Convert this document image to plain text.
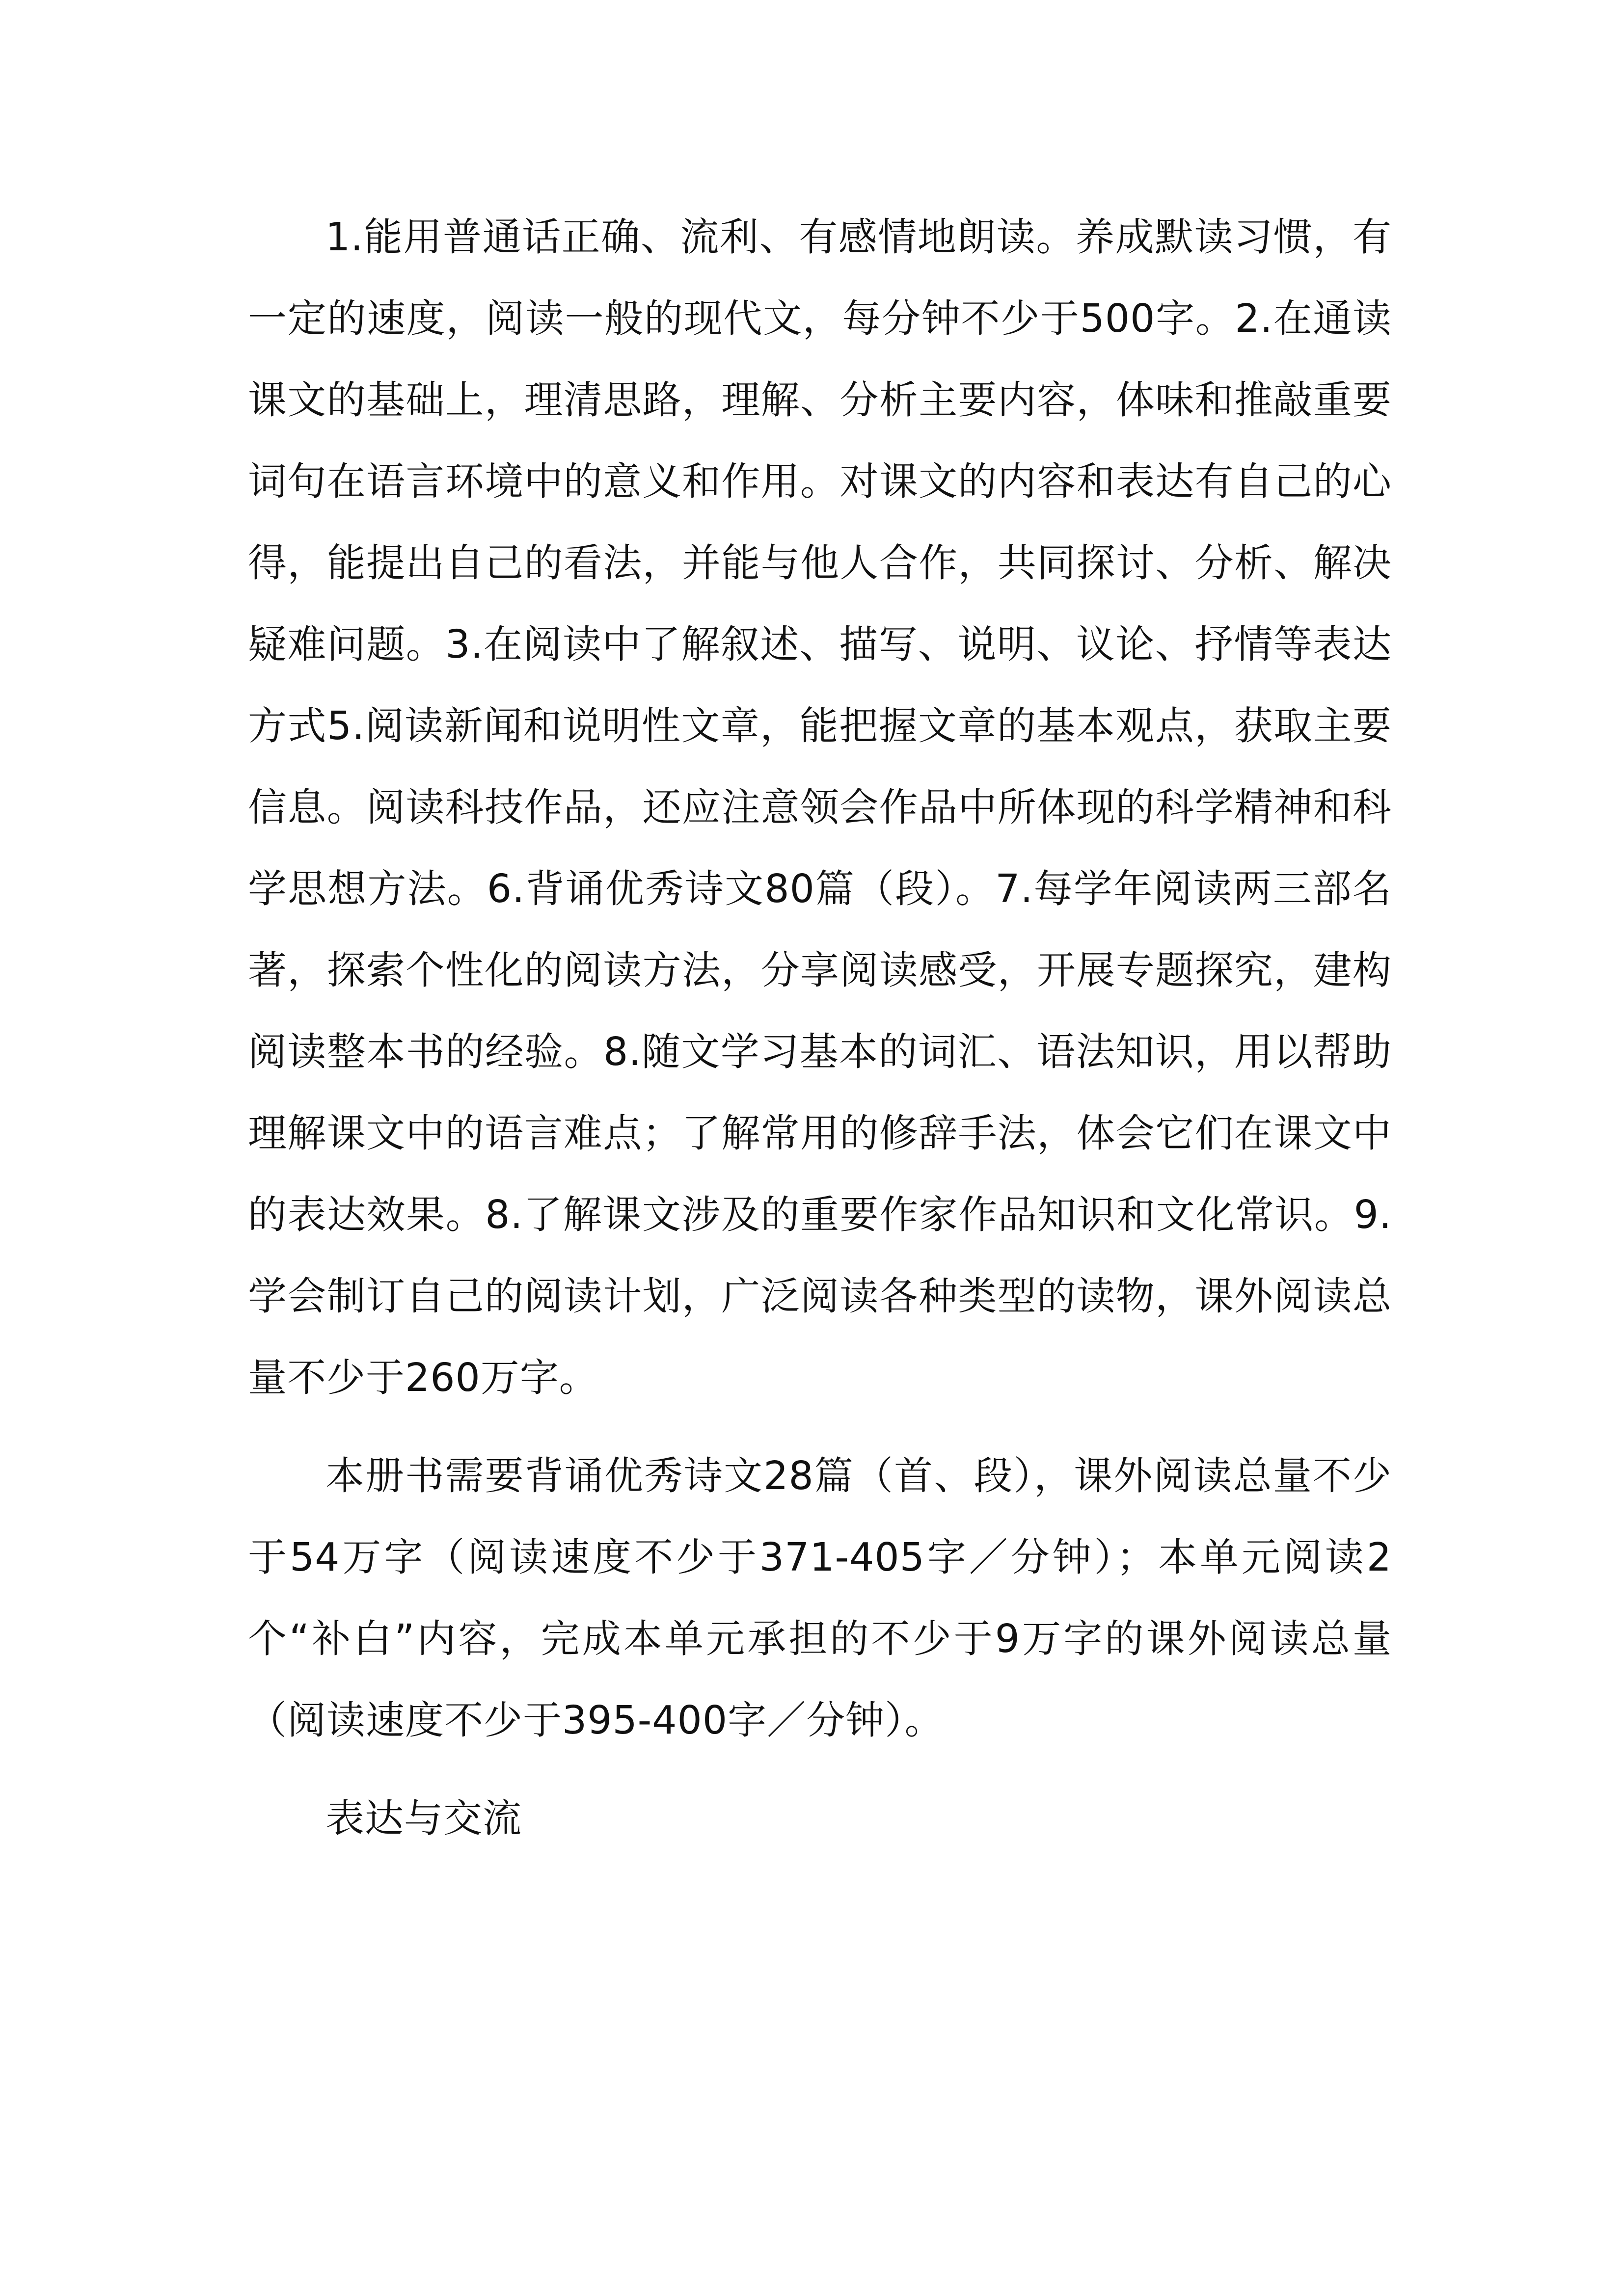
1.能用普通话正确、流利、有感情地朗读。养成默读习惯，有一定的速度，阅读一般的现代文，每分钟不少于500字。2.在通读课文的基础上，理清思路，理解、分析主要内容，体味和推敲重要词句在语言环境中的意义和作用。对课文的内容和表达有自己的心得，能提出自己的看法，并能与他人合作，共同探讨、分析、解决疑难问题。3.在阅读中了解叙述、描写、说明、议论、抒情等表达方式5.阅读新闻和说明性文章，能把握文章的基本观点，获取主要信息。阅读科技作品，还应注意领会作品中所体现的科学精神和科学思想方法。6.背诵优秀诗文80篇（段）。7.每学年阅读两三部名著，探索个性化的阅读方法，分享阅读感受，开展专题探究，建构阅读整本书的经验。8.随文学习基本的词汇、语法知识，用以帮助理解课文中的语言难点；了解常用的修辞手法，体会它们在课文中的表达效果。8.了解课文涉及的重要作家作品知识和文化常识。9.学会制订自己的阅读计划，广泛阅读各种类型的读物，课外阅读总量不少于260万字。

本册书需要背诵优秀诗文28篇（首、段），课外阅读总量不少于54万字（阅读速度不少于371-405字／分钟）；本单元阅读2个“补白”内容，完成本单元承担的不少于9万字的课外阅读总量（阅读速度不少于395-400字／分钟）。

表达与交流
